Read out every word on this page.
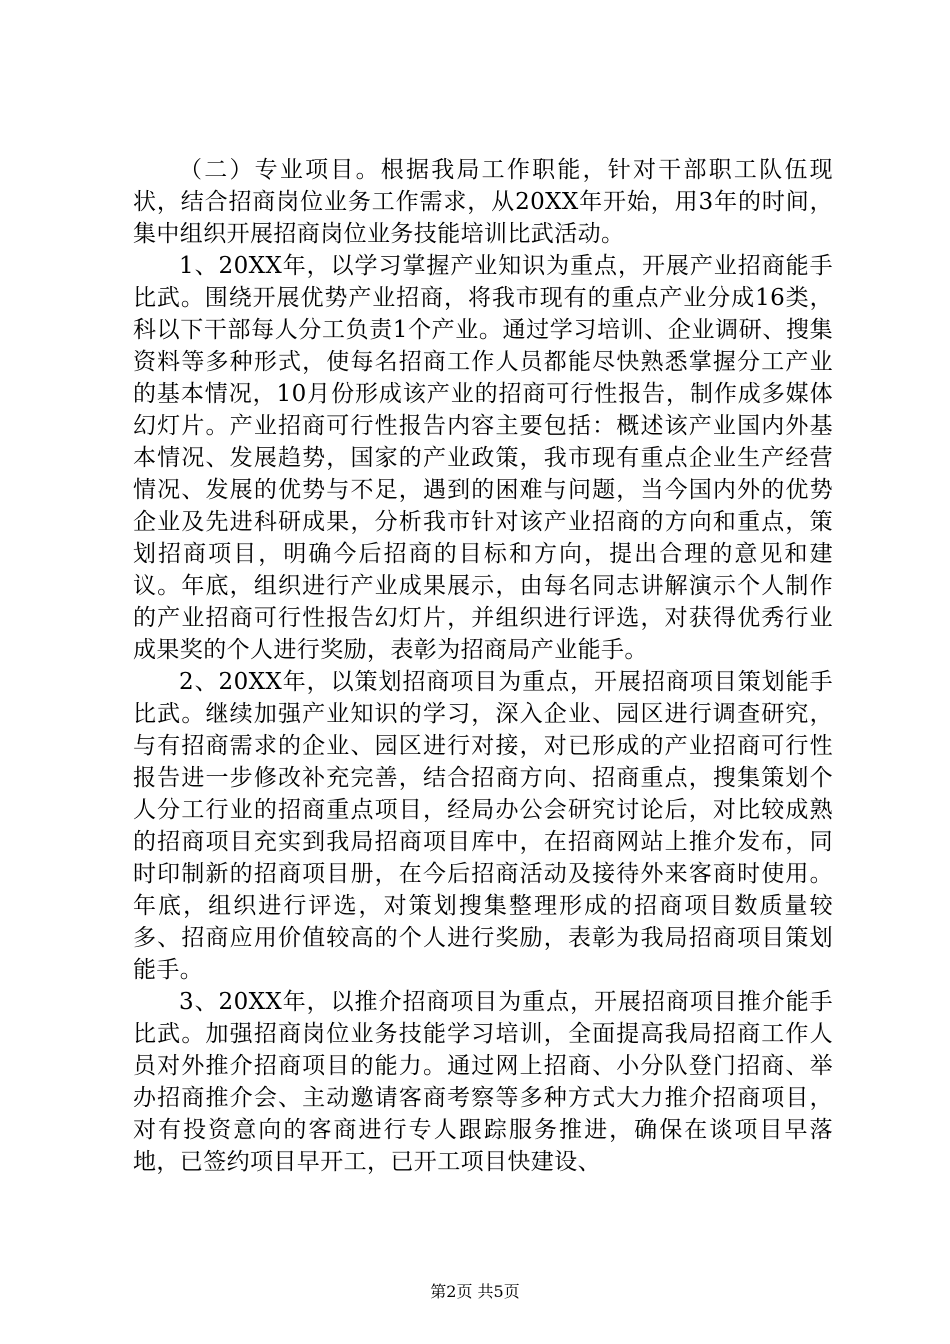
（二）专业项目。根据我局工作职能，针对干部职工队伍现状，结合招商岗位业务工作需求，从20XX年开始，用3年的时间，集中组织开展招商岗位业务技能培训比武活动。

1、20XX年，以学习掌握产业知识为重点，开展产业招商能手比武。围绕开展优势产业招商，将我市现有的重点产业分成16类，科以下干部每人分工负责1个产业。通过学习培训、企业调研、搜集资料等多种形式，使每名招商工作人员都能尽快熟悉掌握分工产业的基本情况，10月份形成该产业的招商可行性报告，制作成多媒体幻灯片。产业招商可行性报告内容主要包括：概述该产业国内外基本情况、发展趋势，国家的产业政策，我市现有重点企业生产经营情况、发展的优势与不足，遇到的困难与问题，当今国内外的优势企业及先进科研成果，分析我市针对该产业招商的方向和重点，策划招商项目，明确今后招商的目标和方向，提出合理的意见和建议。年底，组织进行产业成果展示，由每名同志讲解演示个人制作的产业招商可行性报告幻灯片，并组织进行评选，对获得优秀行业成果奖的个人进行奖励，表彰为招商局产业能手。

2、20XX年，以策划招商项目为重点，开展招商项目策划能手比武。继续加强产业知识的学习，深入企业、园区进行调查研究，与有招商需求的企业、园区进行对接，对已形成的产业招商可行性报告进一步修改补充完善，结合招商方向、招商重点，搜集策划个人分工行业的招商重点项目，经局办公会研究讨论后，对比较成熟的招商项目充实到我局招商项目库中，在招商网站上推介发布，同时印制新的招商项目册，在今后招商活动及接待外来客商时使用。年底，组织进行评选，对策划搜集整理形成的招商项目数质量较多、招商应用价值较高的个人进行奖励，表彰为我局招商项目策划能手。

3、20XX年，以推介招商项目为重点，开展招商项目推介能手比武。加强招商岗位业务技能学习培训，全面提高我局招商工作人员对外推介招商项目的能力。通过网上招商、小分队登门招商、举办招商推介会、主动邀请客商考察等多种方式大力推介招商项目，对有投资意向的客商进行专人跟踪服务推进，确保在谈项目早落地，已签约项目早开工，已开工项目快建设、

第2页 共5页
